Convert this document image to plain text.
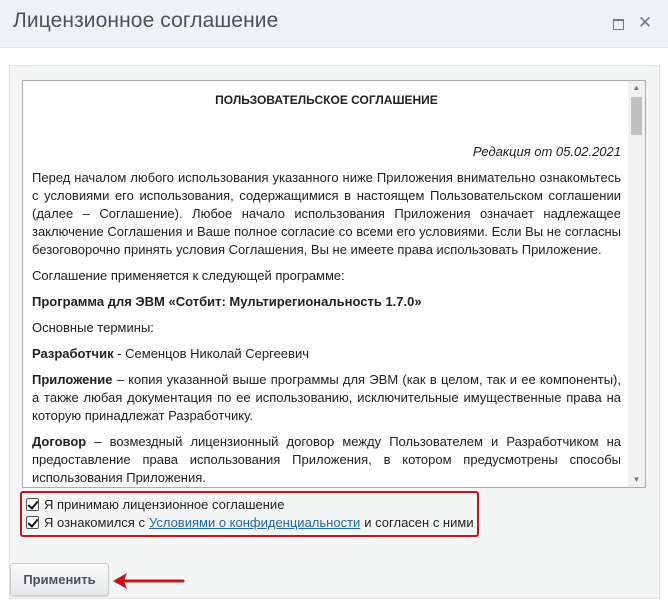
Лицензионное соглашение	✕
ПОЛЬЗОВАТЕЛЬСКОЕ СОГЛАШЕНИЕ
Редакция от 05.02.2021
Перед началом любого использования указанного ниже Приложения внимательно ознакомьтесь с условиями его использования, содержащимися в настоящем Пользовательском соглашении (далее – Соглашение). Любое начало использования Приложения означает надлежащее заключение Соглашения и Ваше полное согласие со всеми его условиями. Если Вы не согласны безоговорочно принять условия Соглашения, Вы не имеете права использовать Приложение.
Соглашение применяется к следующей программе:
Программа для ЭВМ «Сотбит: Мультирегиональность 1.7.0»
Основные термины:
Разработчик - Семенцов Николай Сергеевич
Приложение – копия указанной выше программы для ЭВМ (как в целом, так и ее компоненты), а также любая документация по ее использованию, исключительные имущественные права на которую принадлежат Разработчику.
Договор – возмездный лицензионный договор между Пользователем и Разработчиком на предоставление права использования Приложения, в котором предусмотрены способы использования Приложения.
▲
▼
Я принимаю лицензионное соглашение
Я ознакомился с Условиями о конфиденциальности и согласен с ними
Применить
